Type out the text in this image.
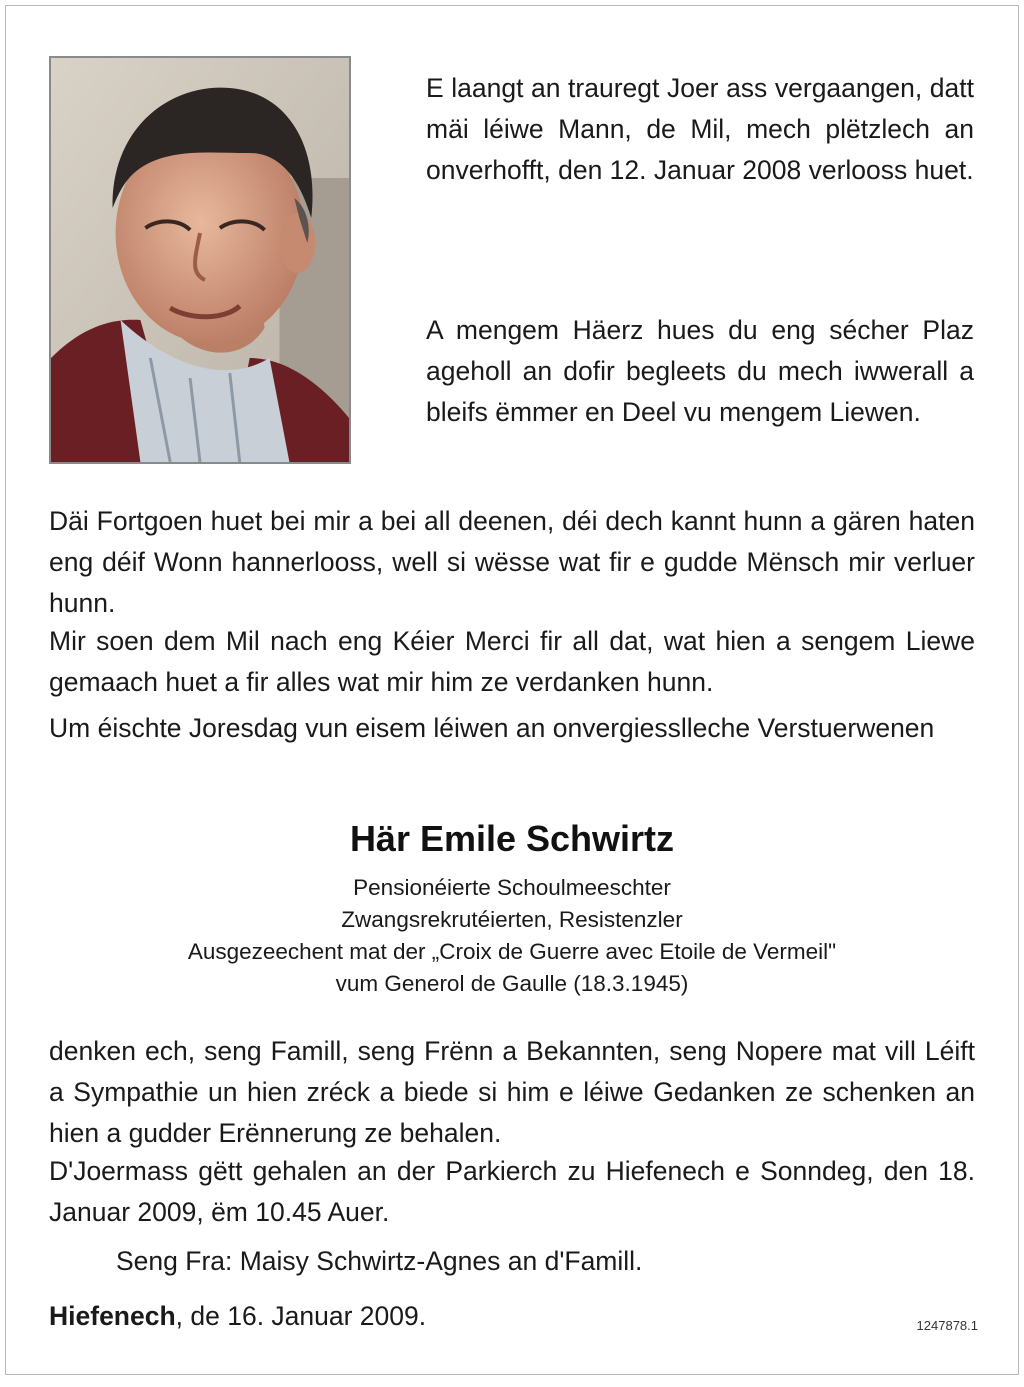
E laangt an trauregt Joer ass vergaangen, datt mäi léiwe Mann, de Mil, mech plëtzlech an onverhofft, den 12. Januar 2008 verlooss huet.

A mengem Häerz hues du eng sécher Plaz ageholl an dofir begleets du mech iwwerall a bleifs ëmmer en Deel vu mengem Liewen.

Däi Fortgoen huet bei mir a bei all deenen, déi dech kannt hunn a gären haten eng déif Wonn hannerlooss, well si wësse wat fir e gudde Mënsch mir verluer hunn.

Mir soen dem Mil nach eng Kéier Merci fir all dat, wat hien a sengem Liewe gemaach huet a fir alles wat mir him ze verdanken hunn.

Um éischte Joresdag vun eisem léiwen an onvergiesslleche Verstuerwenen

Här Emile Schwirtz
Pensionéierte Schoulmeeschter
Zwangsrekrutéierten, Resistenzler
Ausgezeechent mat der „Croix de Guerre avec Etoile de Vermeil"
vum Generol de Gaulle (18.3.1945)

denken ech, seng Famill, seng Frënn a Bekannten, seng Nopere mat vill Léift a Sympathie un hien zréck a biede si him e léiwe Gedanken ze schenken an hien a gudder Erënnerung ze behalen.

D'Joermass gëtt gehalen an der Parkierch zu Hiefenech e Sonndeg, den 18. Januar 2009, ëm 10.45 Auer.

Seng Fra: Maisy Schwirtz-Agnes an d'Famill.

Hiefenech, de 16. Januar 2009.	1247878.1
